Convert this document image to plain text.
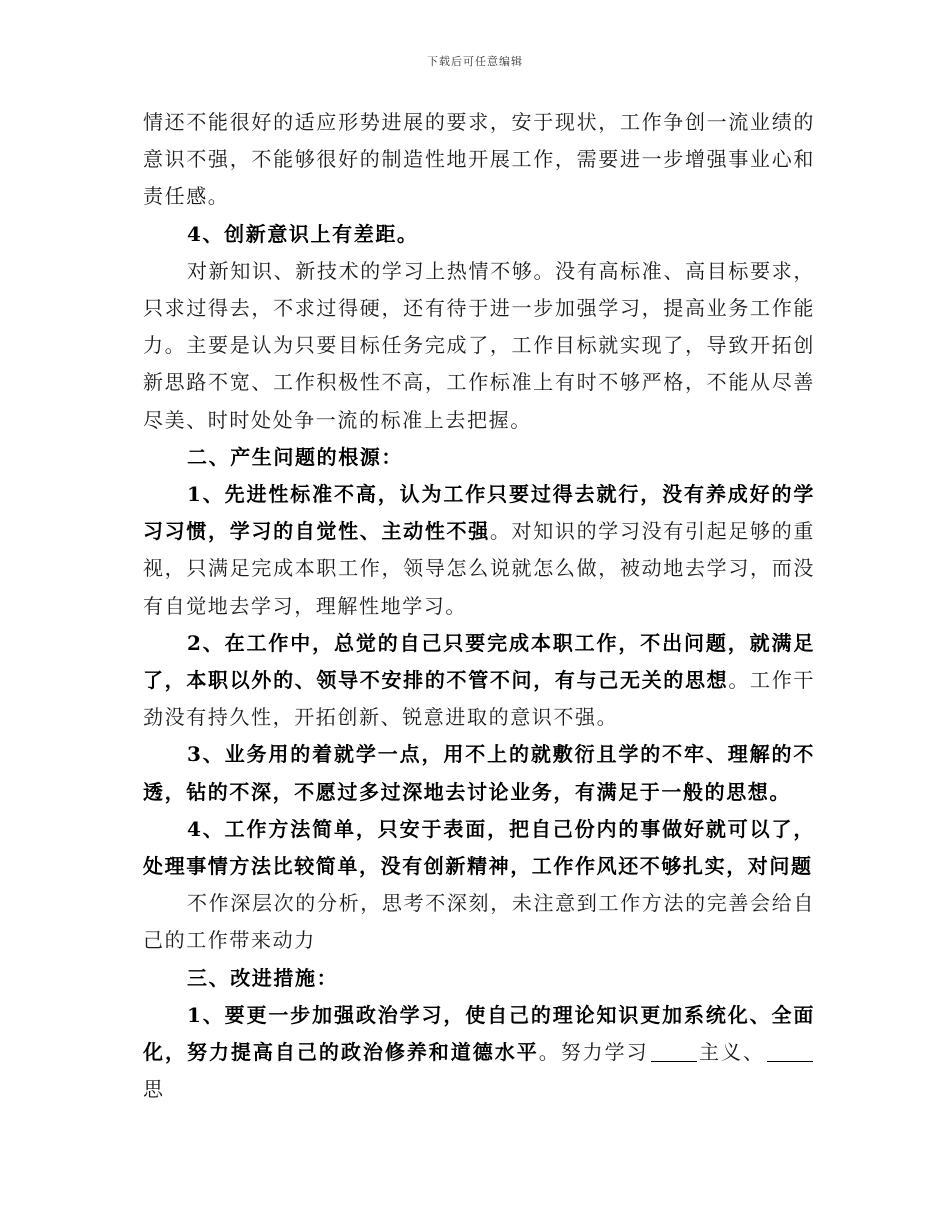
下载后可任意编辑

情还不能很好的适应形势进展的要求，安于现状，工作争创一流业绩的意识不强，不能够很好的制造性地开展工作，需要进一步增强事业心和责任感。

4、创新意识上有差距。

对新知识、新技术的学习上热情不够。没有高标准、高目标要求，只求过得去，不求过得硬，还有待于进一步加强学习，提高业务工作能力。主要是认为只要目标任务完成了，工作目标就实现了，导致开拓创新思路不宽、工作积极性不高，工作标准上有时不够严格，不能从尽善尽美、时时处处争一流的标准上去把握。

二、产生问题的根源：

1、先进性标准不高，认为工作只要过得去就行，没有养成好的学习习惯，学习的自觉性、主动性不强。对知识的学习没有引起足够的重视，只满足完成本职工作，领导怎么说就怎么做，被动地去学习，而没有自觉地去学习，理解性地学习。

2、在工作中，总觉的自己只要完成本职工作，不出问题，就满足了，本职以外的、领导不安排的不管不问，有与己无关的思想。工作干劲没有持久性，开拓创新、锐意进取的意识不强。

3、业务用的着就学一点，用不上的就敷衍且学的不牢、理解的不透，钻的不深，不愿过多过深地去讨论业务，有满足于一般的思想。

4、工作方法简单，只安于表面，把自己份内的事做好就可以了，处理事情方法比较简单，没有创新精神，工作作风还不够扎实，对问题

不作深层次的分析，思考不深刻，未注意到工作方法的完善会给自己的工作带来动力

三、改进措施：

1、要更一步加强政治学习，使自己的理论知识更加系统化、全面化，努力提高自己的政治修养和道德水平。努力学习	主义、思
